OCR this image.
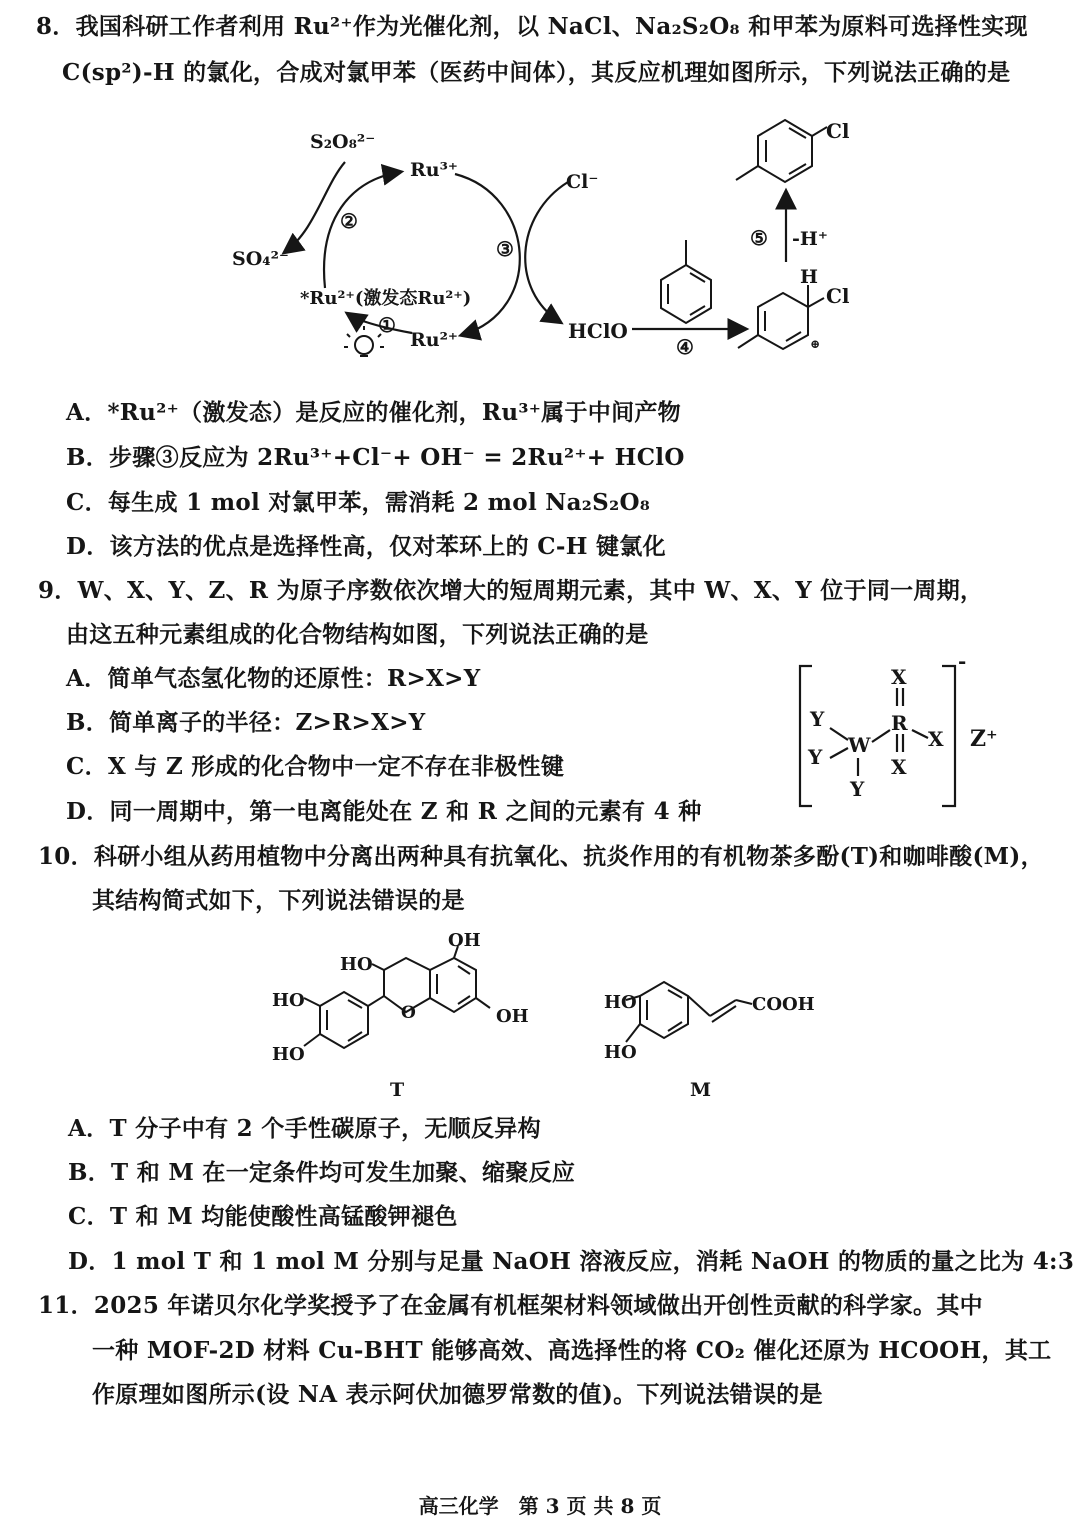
8．我国科研工作者利用 Ru²⁺作为光催化剂，以 NaCl、Na₂S₂O₈ 和甲苯为原料可选择性实现
C(sp²)-H 的氯化，合成对氯甲苯（医药中间体），其反应机理如图所示，下列说法正确的是
S₂O₈²⁻
Ru³⁺
②
SO₄²⁻
*Ru²⁺(激发态Ru²⁺)
①
Ru²⁺
③
Cl⁻
HClO
④
⑤ -H⁺
Cl
H
Cl
⊕
A．*Ru²⁺（激发态）是反应的催化剂，Ru³⁺属于中间产物
B．步骤③反应为 2Ru³⁺+Cl⁻+ OH⁻ = 2Ru²⁺+ HClO
C．每生成 1 mol 对氯甲苯，需消耗 2 mol Na₂S₂O₈
D．该方法的优点是选择性高，仅对苯环上的 C-H 键氯化
9．W、X、Y、Z、R 为原子序数依次增大的短周期元素，其中 W、X、Y 位于同一周期，
由这五种元素组成的化合物结构如图，下列说法正确的是
A．简单气态氢化物的还原性：R>X>Y
B．简单离子的半径：Z>R>X>Y
C．X 与 Z 形成的化合物中一定不存在非极性键
D．同一周期中，第一电离能处在 Z 和 R 之间的元素有 4 种
X
R
X
X
W
Y
Y
Y
-
Z⁺
10．科研小组从药用植物中分离出两种具有抗氧化、抗炎作用的有机物茶多酚(T)和咖啡酸(M)，
其结构简式如下，下列说法错误的是
OH
HO
HO
HO
O	OH
T
HO
HO
COOH
M
A．T 分子中有 2 个手性碳原子，无顺反异构
B．T 和 M 在一定条件均可发生加聚、缩聚反应
C．T 和 M 均能使酸性高锰酸钾褪色
D．1 mol T 和 1 mol M 分别与足量 NaOH 溶液反应，消耗 NaOH 的物质的量之比为 4:3
11．2025 年诺贝尔化学奖授予了在金属有机框架材料领域做出开创性贡献的科学家。其中
一种 MOF-2D 材料 Cu-BHT 能够高效、高选择性的将 CO₂ 催化还原为 HCOOH，其工
作原理如图所示(设 NA 表示阿伏加德罗常数的值)。下列说法错误的是
高三化学　第 3 页 共 8 页
